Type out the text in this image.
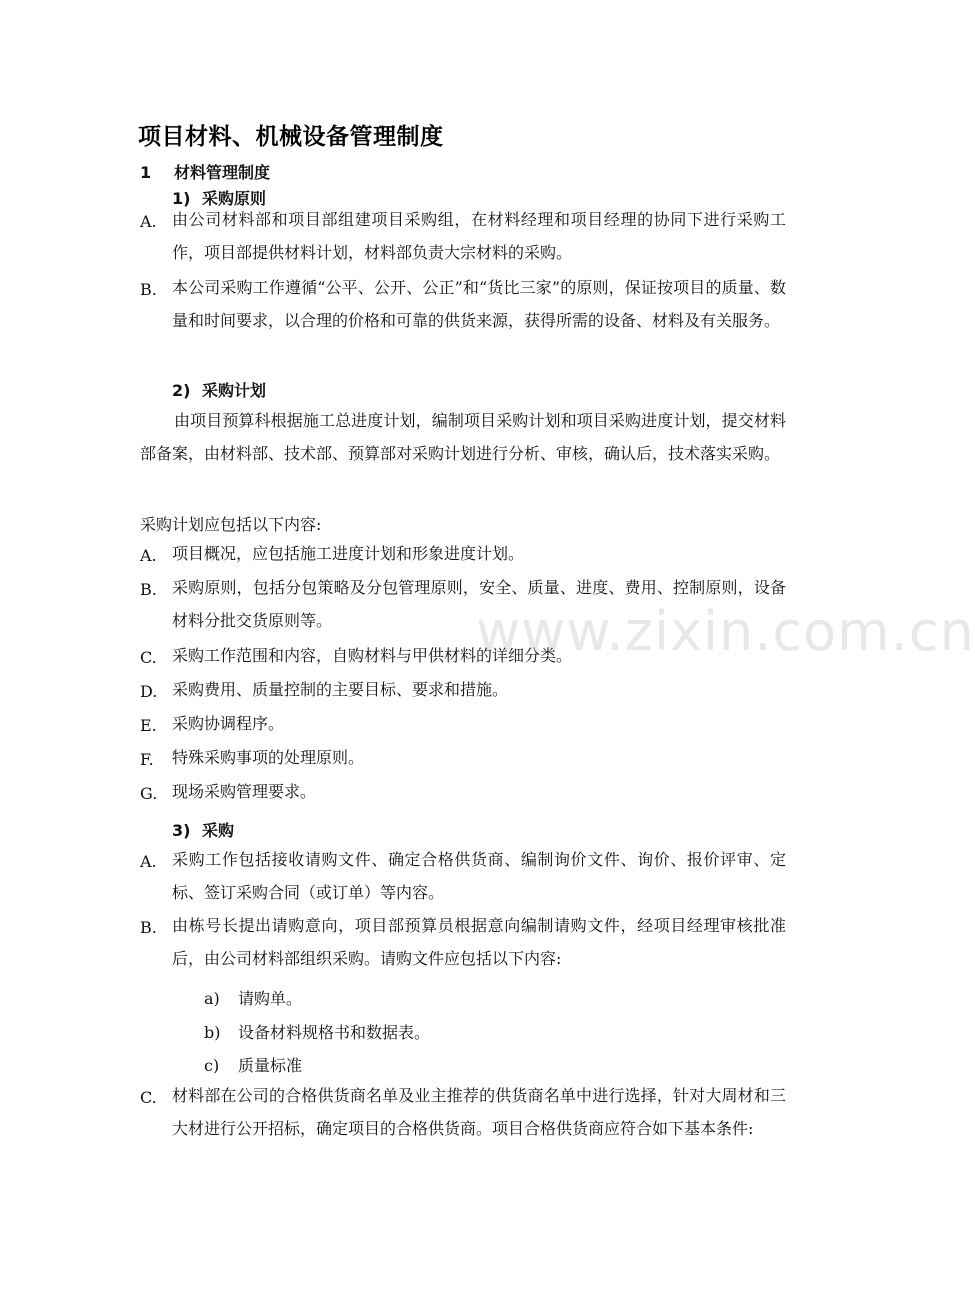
项目材料、机械设备管理制度
1 材料管理制度
1) 采购原则
A. 由公司材料部和项目部组建项目采购组，在材料经理和项目经理的协同下进行采购工作，项目部提供材料计划，材料部负责大宗材料的采购。
B. 本公司采购工作遵循“公平、公开、公正”和“货比三家”的原则，保证按项目的质量、数量和时间要求，以合理的价格和可靠的供货来源，获得所需的设备、材料及有关服务。
2) 采购计划
由项目预算科根据施工总进度计划，编制项目采购计划和项目采购进度计划，提交材料部备案，由材料部、技术部、预算部对采购计划进行分析、审核，确认后，技术落实采购。
采购计划应包括以下内容:
A. 项目概况，应包括施工进度计划和形象进度计划。
B. 采购原则，包括分包策略及分包管理原则，安全、质量、进度、费用、控制原则，设备材料分批交货原则等。
C. 采购工作范围和内容，自购材料与甲供材料的详细分类。
D. 采购费用、质量控制的主要目标、要求和措施。
E. 采购协调程序。
F.	特殊采购事项的处理原则。
G. 现场采购管理要求。
3) 采购
A. 采购工作包括接收请购文件、确定合格供货商、编制询价文件、询价、报价评审、定标、签订采购合同（或订单）等内容。
B. 由栋号长提出请购意向，项目部预算员根据意向编制请购文件，经项目经理审核批准后，由公司材料部组织采购。请购文件应包括以下内容:
a) 请购单。
b) 设备材料规格书和数据表。
c) 质量标准
C. 材料部在公司的合格供货商名单及业主推荐的供货商名单中进行选择，针对大周材和三大材进行公开招标，确定项目的合格供货商。项目合格供货商应符合如下基本条件:
www.zixin.com.cn
